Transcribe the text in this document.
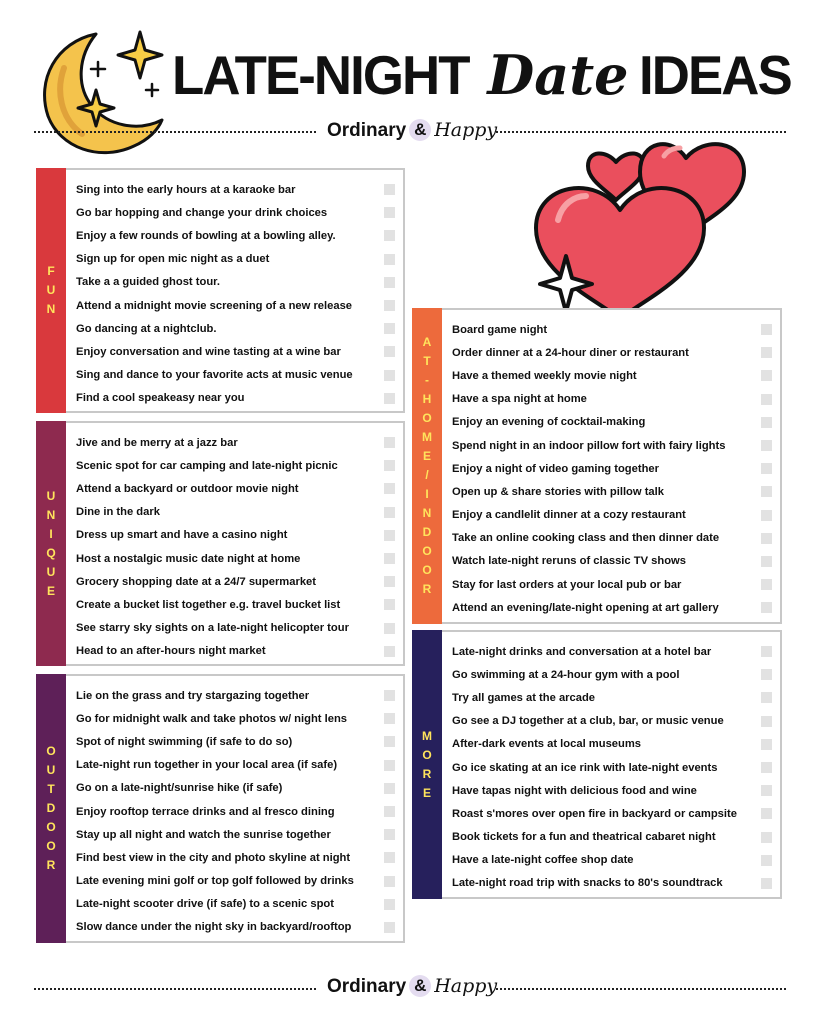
LATE-NIGHT Date IDEAS
Ordinary & Happy
F
U
N
Sing into the early hours at a karaoke bar
Go bar hopping and change your drink choices
Enjoy a few rounds of bowling at a bowling alley.
Sign up for open mic night as a duet
Take a a guided ghost tour.
Attend a midnight movie screening of a new release
Go dancing at a nightclub.
Enjoy conversation and wine tasting at a wine bar
Sing and dance to your favorite acts at music venue
Find a cool speakeasy near you
U
N
I
Q
U
E
Jive and be merry at a jazz bar
Scenic spot for car camping and late-night picnic
Attend a backyard or outdoor movie night
Dine in the dark
Dress up smart and have a casino night
Host a nostalgic music date night at home
Grocery shopping date at a 24/7 supermarket
Create a bucket list together e.g. travel bucket list
See starry sky sights on a late-night helicopter tour
Head to an after-hours night market
O
U
T
D
O
O
R
Lie on the grass and try stargazing together
Go for midnight walk and take photos w/ night lens
Spot of night swimming (if safe to do so)
Late-night run together in your local area (if safe)
Go on a late-night/sunrise hike (if safe)
Enjoy rooftop terrace drinks and al fresco dining
Stay up all night and watch the sunrise together
Find best view in the city and photo skyline at night
Late evening mini golf or top golf followed by drinks
Late-night scooter drive (if safe) to a scenic spot
Slow dance under the night sky in backyard/rooftop
A
T
-
H
O
M
E
/
I
N
D
O
O
R
Board game night
Order dinner at a 24-hour diner or restaurant
Have a themed weekly movie night
Have a spa night at home
Enjoy an evening of cocktail-making
Spend night in an indoor pillow fort with fairy lights
Enjoy a night of video gaming together
Open up & share stories with pillow talk
Enjoy a candlelit dinner at a cozy restaurant
Take an online cooking class and then dinner date
Watch late-night reruns of classic TV shows
Stay for last orders at your local pub or bar
Attend an evening/late-night opening at art gallery
M
O
R
E
Late-night drinks and conversation at a hotel bar
Go swimming at a 24-hour gym with a pool
Try all games at the arcade
Go see a DJ together at a club, bar, or music venue
After-dark events at local museums
Go ice skating at an ice rink with late-night events
Have tapas night with delicious food and wine
Roast s'mores over open fire in backyard or campsite
Book tickets for a fun and theatrical cabaret night
Have a late-night coffee shop date
Late-night road trip with snacks to 80's soundtrack
Ordinary & Happy
